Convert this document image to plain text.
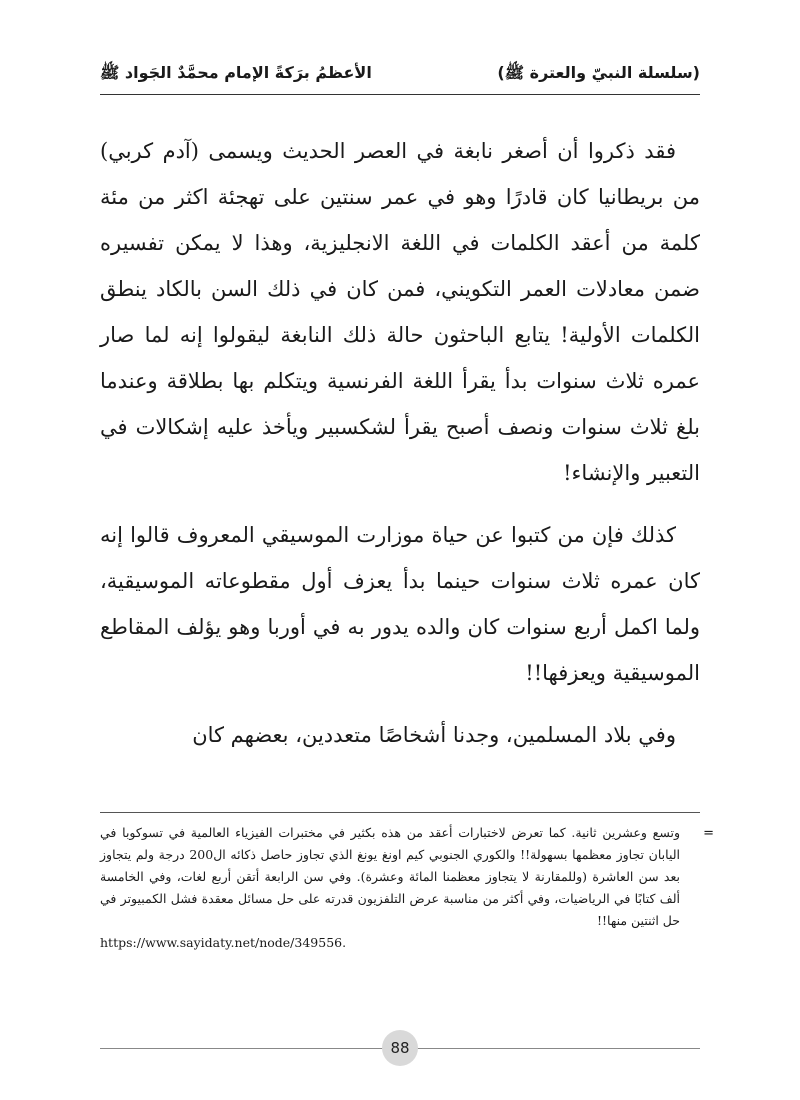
(سلسلة النبيّ والعترة ﷺ)
الأعظمُ برَكةً الإمام محمَّدٌ الجَواد ﷺ

فقد ذكروا أن أصغر نابغة في العصر الحديث ويسمى (آدم كربي) من بريطانيا كان قادرًا وهو في عمر سنتين على تهجئة اكثر من مئة كلمة من أعقد الكلمات في اللغة الانجليزية، وهذا لا يمكن تفسيره ضمن معادلات العمر التكويني، فمن كان في ذلك السن بالكاد ينطق الكلمات الأولية! يتابع الباحثون حالة ذلك النابغة ليقولوا إنه لما صار عمره ثلاث سنوات بدأ يقرأ اللغة الفرنسية ويتكلم بها بطلاقة وعندما بلغ ثلاث سنوات ونصف أصبح يقرأ لشكسبير ويأخذ عليه إشكالات في التعبير والإنشاء!

كذلك فإن من كتبوا عن حياة موزارت الموسيقي المعروف قالوا إنه كان عمره ثلاث سنوات حينما بدأ يعزف أول مقطوعاته الموسيقية، ولما اكمل أربع سنوات كان والده يدور به في أوربا وهو يؤلف المقاطع الموسيقية ويعزفها!!

وفي بلاد المسلمين، وجدنا أشخاصًا متعددين، بعضهم كان

=
وتسع وعشرين ثانية. كما تعرض لاختبارات أعقد من هذه بكثير في مختبرات الفيزياء العالمية في تسوكوبا في اليابان تجاوز معظمها بسهولة!! والكوري الجنوبي كيم اونغ يونغ الذي تجاوز حاصل ذكائه ال200 درجة ولم يتجاوز بعد سن العاشرة (وللمقارنة لا يتجاوز معظمنا المائة وعشرة). وفي سن الرابعة أتقن أربع لغات، وفي الخامسة ألف كتابًا في الرياضيات، وفي أكثر من مناسبة عرض التلفزيون قدرته على حل مسائل معقدة فشل الكمبيوتر في حل اثنتين منها!!
https://www.sayidaty.net/node/349556.
88
